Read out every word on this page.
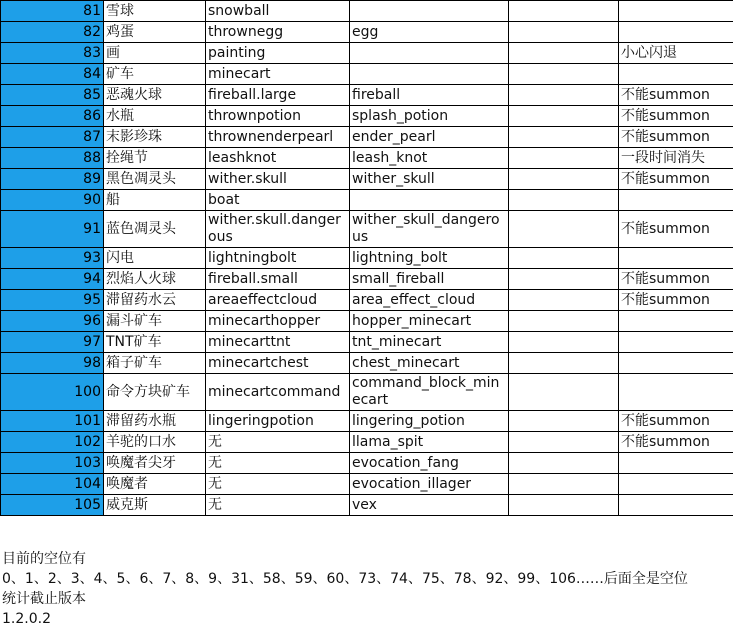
81	雪球	snowball			
82	鸡蛋	thrownegg	egg		
83	画	painting			小心闪退
84	矿车	minecart			
85	恶魂火球	fireball.large	fireball		不能summon
86	水瓶	thrownpotion	splash_potion		不能summon
87	末影珍珠	thrownenderpearl	ender_pearl		不能summon
88	拴绳节	leashknot	leash_knot		一段时间消失
89	黑色凋灵头	wither.skull	wither_skull		不能summon
90	船	boat			
91	蓝色凋灵头	wither.skull.dangerous	wither_skull_dangerous		不能summon
93	闪电	lightningbolt	lightning_bolt		
94	烈焰人火球	fireball.small	small_fireball		不能summon
95	滞留药水云	areaeffectcloud	area_effect_cloud		不能summon
96	漏斗矿车	minecarthopper	hopper_minecart		
97	TNT矿车	minecarttnt	tnt_minecart		
98	箱子矿车	minecartchest	chest_minecart		
100	命令方块矿车	minecartcommand	command_block_minecart		
101	滞留药水瓶	lingeringpotion	lingering_potion		不能summon
102	羊驼的口水	无	llama_spit		不能summon
103	唤魔者尖牙	无	evocation_fang		
104	唤魔者	无	evocation_illager		
105	威克斯	无	vex		
目前的空位有
0、1、2、3、4、5、6、7、8、9、31、58、59、60、73、74、75、78、92、99、106……后面全是空位
统计截止版本
1.2.0.2
